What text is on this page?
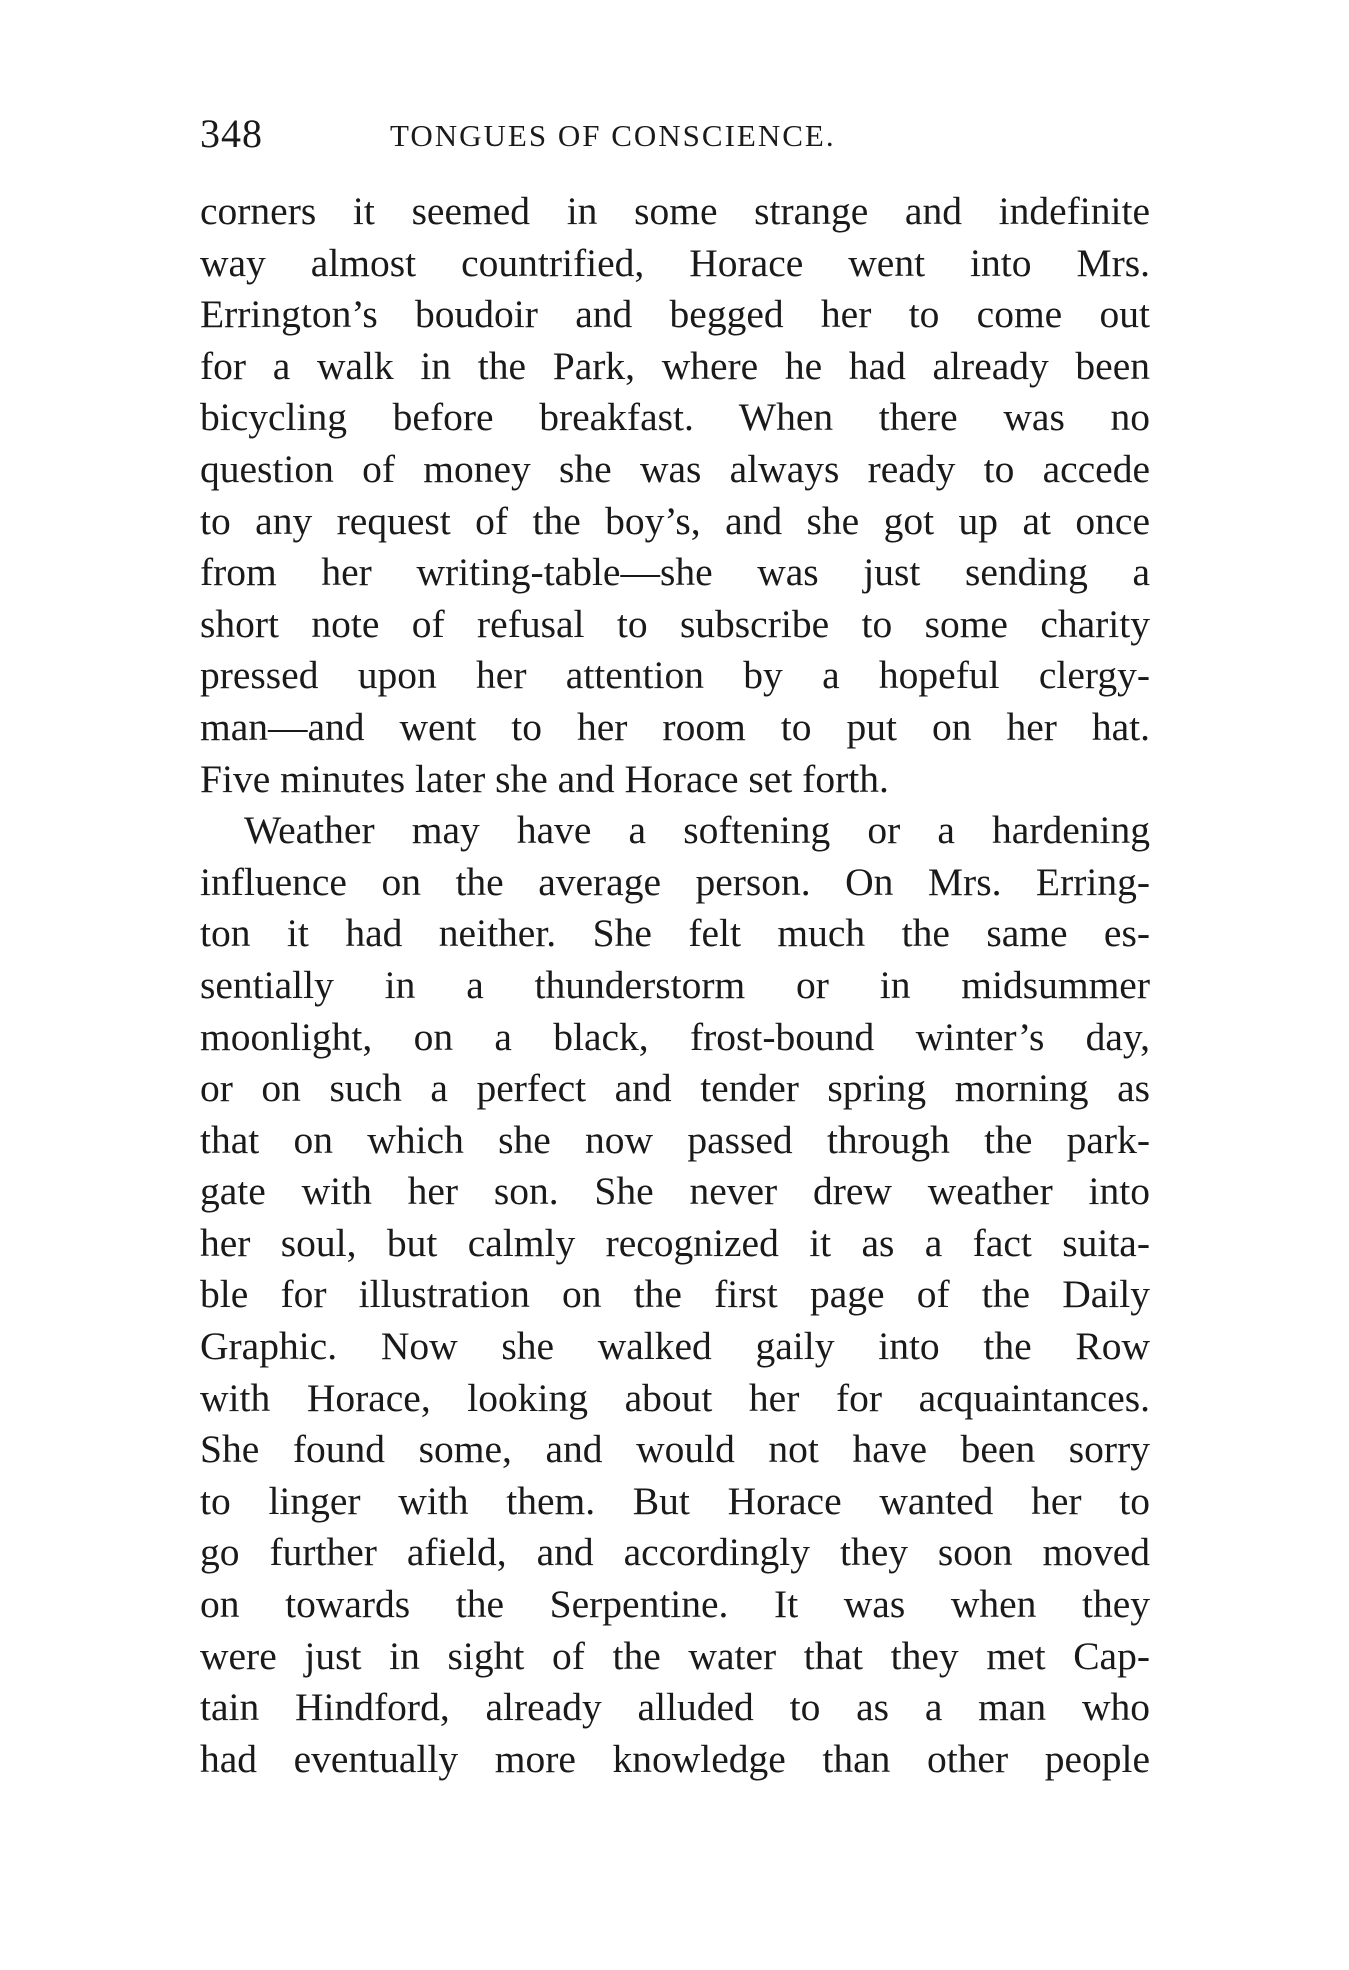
348	TONGUES OF CONSCIENCE.
corners it seemed in some strange and indefinite
way almost countrified, Horace went into Mrs.
Errington’s boudoir and begged her to come out
for a walk in the Park, where he had already been
bicycling before breakfast. When there was no
question of money she was always ready to accede
to any request of the boy’s, and she got up at once
from her writing-table—she was just sending a
short note of refusal to subscribe to some charity
pressed upon her attention by a hopeful clergy-
man—and went to her room to put on her hat.
Five minutes later she and Horace set forth.
Weather may have a softening or a hardening
influence on the average person. On Mrs. Erring-
ton it had neither. She felt much the same es-
sentially in a thunderstorm or in midsummer
moonlight, on a black, frost-bound winter’s day,
or on such a perfect and tender spring morning as
that on which she now passed through the park-
gate with her son. She never drew weather into
her soul, but calmly recognized it as a fact suita-
ble for illustration on the first page of the Daily
Graphic. Now she walked gaily into the Row
with Horace, looking about her for acquaintances.
She found some, and would not have been sorry
to linger with them. But Horace wanted her to
go further afield, and accordingly they soon moved
on towards the Serpentine. It was when they
were just in sight of the water that they met Cap-
tain Hindford, already alluded to as a man who
had eventually more knowledge than other people
